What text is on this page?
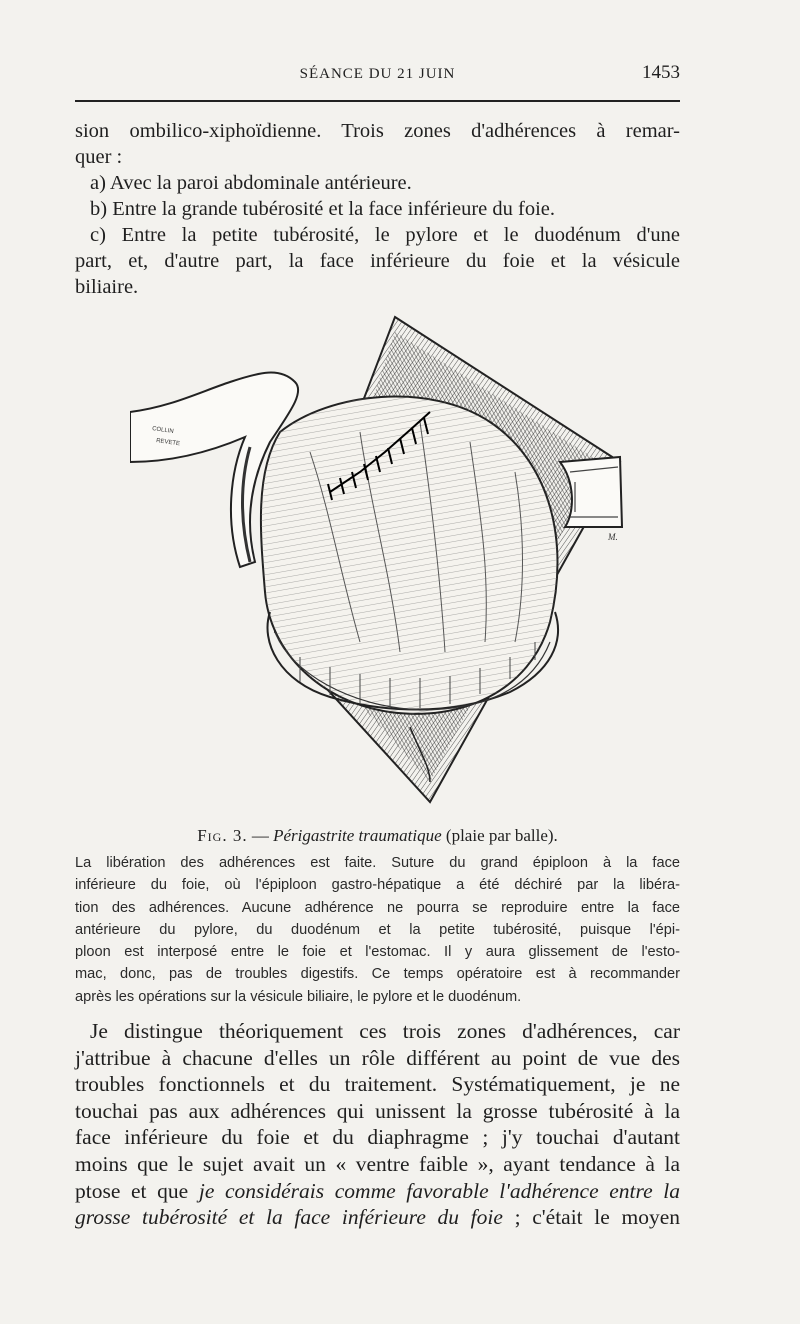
SÉANCE DU 21 JUIN	1453
sion ombilico-xiphoïdienne. Trois zones d'adhérences à remar-
quer :
a) Avec la paroi abdominale antérieure.
b) Entre la grande tubérosité et la face inférieure du foie.
c) Entre la petite tubérosité, le pylore et le duodénum d'une
part, et, d'autre part, la face inférieure du foie et la vésicule
biliaire.
COLLIN
REVETE
M.
Fig. 3. — Périgastrite traumatique (plaie par balle).
La libération des adhérences est faite. Suture du grand épiploon à la face
inférieure du foie, où l'épiploon gastro-hépatique a été déchiré par la libéra-
tion des adhérences. Aucune adhérence ne pourra se reproduire entre la face
antérieure du pylore, du duodénum et la petite tubérosité, puisque l'épi-
ploon est interposé entre le foie et l'estomac. Il y aura glissement de l'esto-
mac, donc, pas de troubles digestifs. Ce temps opératoire est à recommander
après les opérations sur la vésicule biliaire, le pylore et le duodénum.
Je distingue théoriquement ces trois zones d'adhérences, car
j'attribue à chacune d'elles un rôle différent au point de vue des
troubles fonctionnels et du traitement. Systématiquement, je ne
touchai pas aux adhérences qui unissent la grosse tubérosité à la
face inférieure du foie et du diaphragme ; j'y touchai d'autant
moins que le sujet avait un « ventre faible », ayant tendance à la
ptose et que je considérais comme favorable l'adhérence entre la
grosse tubérosité et la face inférieure du foie ; c'était le moyen
